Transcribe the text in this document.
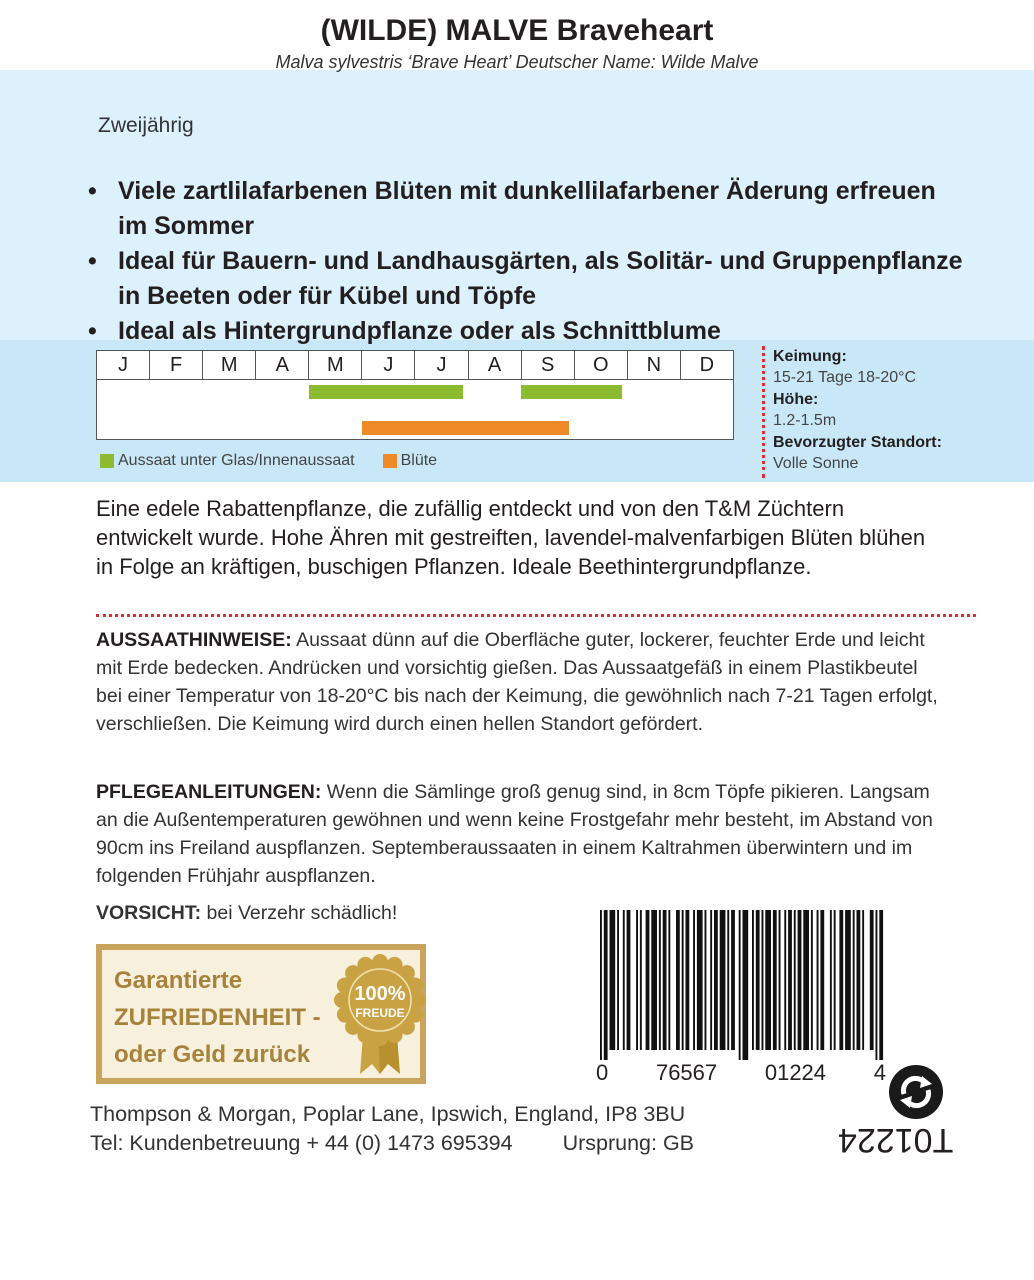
(WILDE) MALVE Braveheart
Malva sylvestris ‘Brave Heart’ Deutscher Name: Wilde Malve
Zweijährig
• Viele zartlilafarbenen Blüten mit dunkellilafarbener Äderung erfreuen im Sommer
• Ideal für Bauern- und Landhausgärten, als Solitär- und Gruppenpflanze in Beeten oder für Kübel und Töpfe
• Ideal als Hintergrundpflanze oder als Schnittblume
J	F	M	A	M	J	J	A	S	O	N	D
Aussaat unter Glas/Innenaussaat	Blüte
Keimung:
15-21 Tage 18-20°C
Höhe:
1.2-1.5m
Bevorzugter Standort:
Volle Sonne
Eine edele Rabattenpflanze, die zufällig entdeckt und von den T&M Züchtern entwickelt wurde. Hohe Ähren mit gestreiften, lavendel-malvenfarbigen Blüten blühen in Folge an kräftigen, buschigen Pflanzen. Ideale Beethintergrundpflanze.
AUSSAATHINWEISE: Aussaat dünn auf die Oberfläche guter, lockerer, feuchter Erde und leicht mit Erde bedecken. Andrücken und vorsichtig gießen. Das Aussaatgefäß in einem Plastikbeutel bei einer Temperatur von 18-20°C bis nach der Keimung, die gewöhnlich nach 7-21 Tagen erfolgt, verschließen. Die Keimung wird durch einen hellen Standort gefördert.
PFLEGEANLEITUNGEN: Wenn die Sämlinge groß genug sind, in 8cm Töpfe pikieren. Langsam an die Außentemperaturen gewöhnen und wenn keine Frostgefahr mehr besteht, im Abstand von 90cm ins Freiland auspflanzen. Septemberaussaaten in einem Kaltrahmen überwintern und im folgenden Frühjahr auspflanzen.
VORSICHT: bei Verzehr schädlich!
Garantierte
ZUFRIEDENHEIT -
oder Geld zurück
100%
FREUDE
0 76567 01224 4
Thompson & Morgan, Poplar Lane, Ipswich, England, IP8 3BU
Tel: Kundenbetreuung + 44 (0) 1473 695394 Ursprung: GB	T01224
